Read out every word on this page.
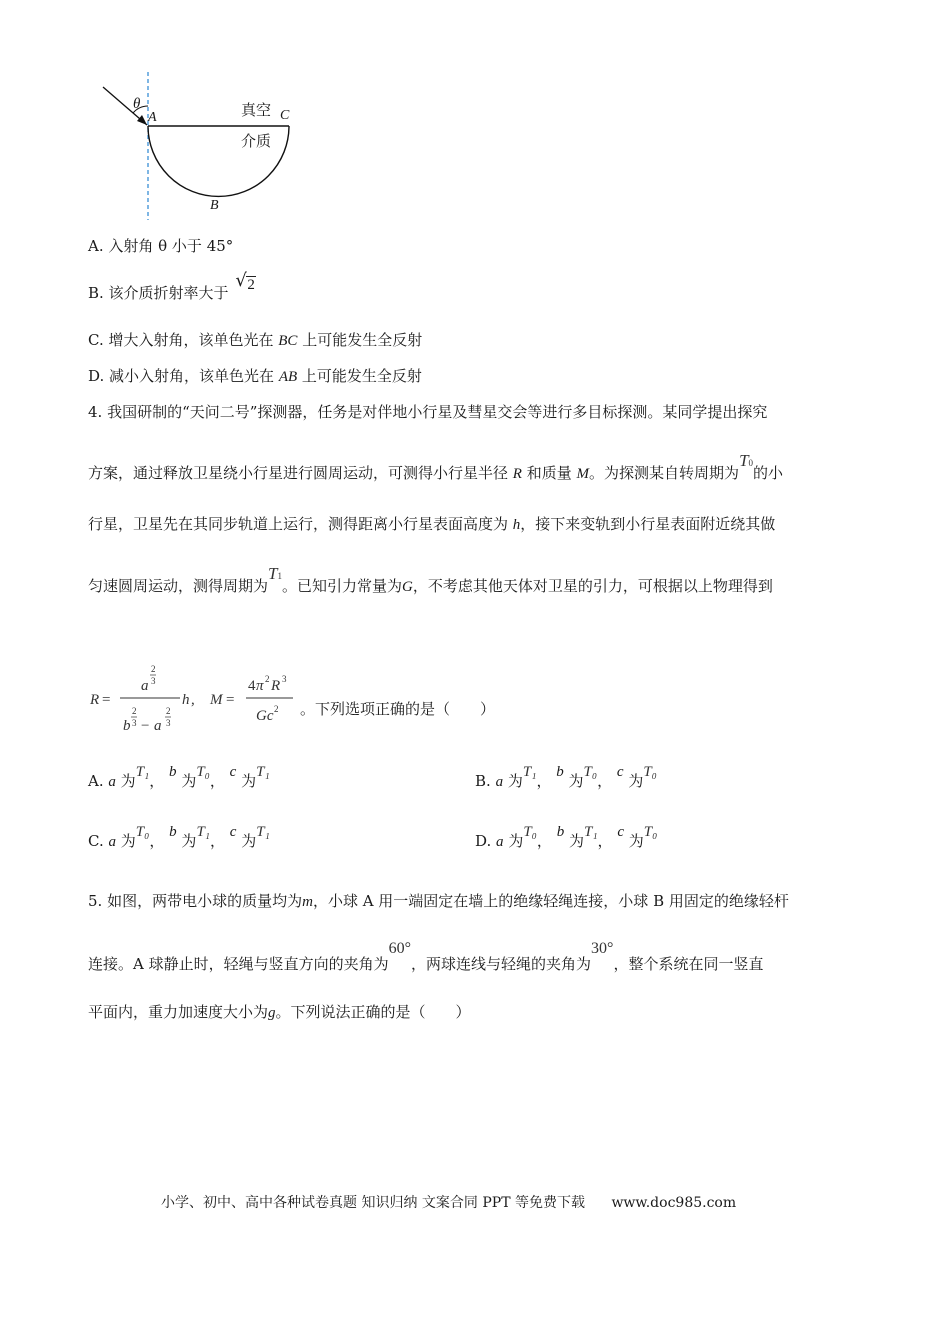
θ
A	真空 C
介质
B
A. 入射角 θ 小于 45°
B. 该介质折射率大于
√ 2
C. 增大入射角，该单色光在 BC 上可能发生全反射
D. 减小入射角，该单色光在 AB 上可能发生全反射
4. 我国研制的“天问二号”探测器，任务是对伴地小行星及彗星交会等进行多目标探测。某同学提出探究
方案，通过释放卫星绕小行星进行圆周运动，可测得小行星半径 R 和质量 M。为探测某自转周期为T0的小
行星，卫星先在其同步轨道上运行，测得距离小行星表面高度为 h，接下来变轨到小行星表面附近绕其做
匀速圆周运动，测得周期为T1。已知引力常量为G，不考虑其他天体对卫星的引力，可根据以上物理得到
R =
a
2
3
b
2
3 − a
2
3
h , M =
4 π 2 R 3
Gc 2 。下列选项正确的是（　　）
A. a 为T₁， b 为T₀， c 为T₁	B. a 为T₁， b 为T₀， c 为T₀
C. a 为T₀， b 为T₁， c 为T₁	D. a 为T₀， b 为T₁， c 为T₀
5. 如图，两带电小球的质量均为m，小球 A 用一端固定在墙上的绝缘轻绳连接，小球 B 用固定的绝缘轻杆
连接。A 球静止时，轻绳与竖直方向的夹角为60°，两球连线与轻绳的夹角为30°，整个系统在同一竖直
平面内，重力加速度大小为g。下列说法正确的是（　　）
小学、初中、高中各种试卷真题 知识归纳 文案合同 PPT 等免费下载 www.doc985.com
